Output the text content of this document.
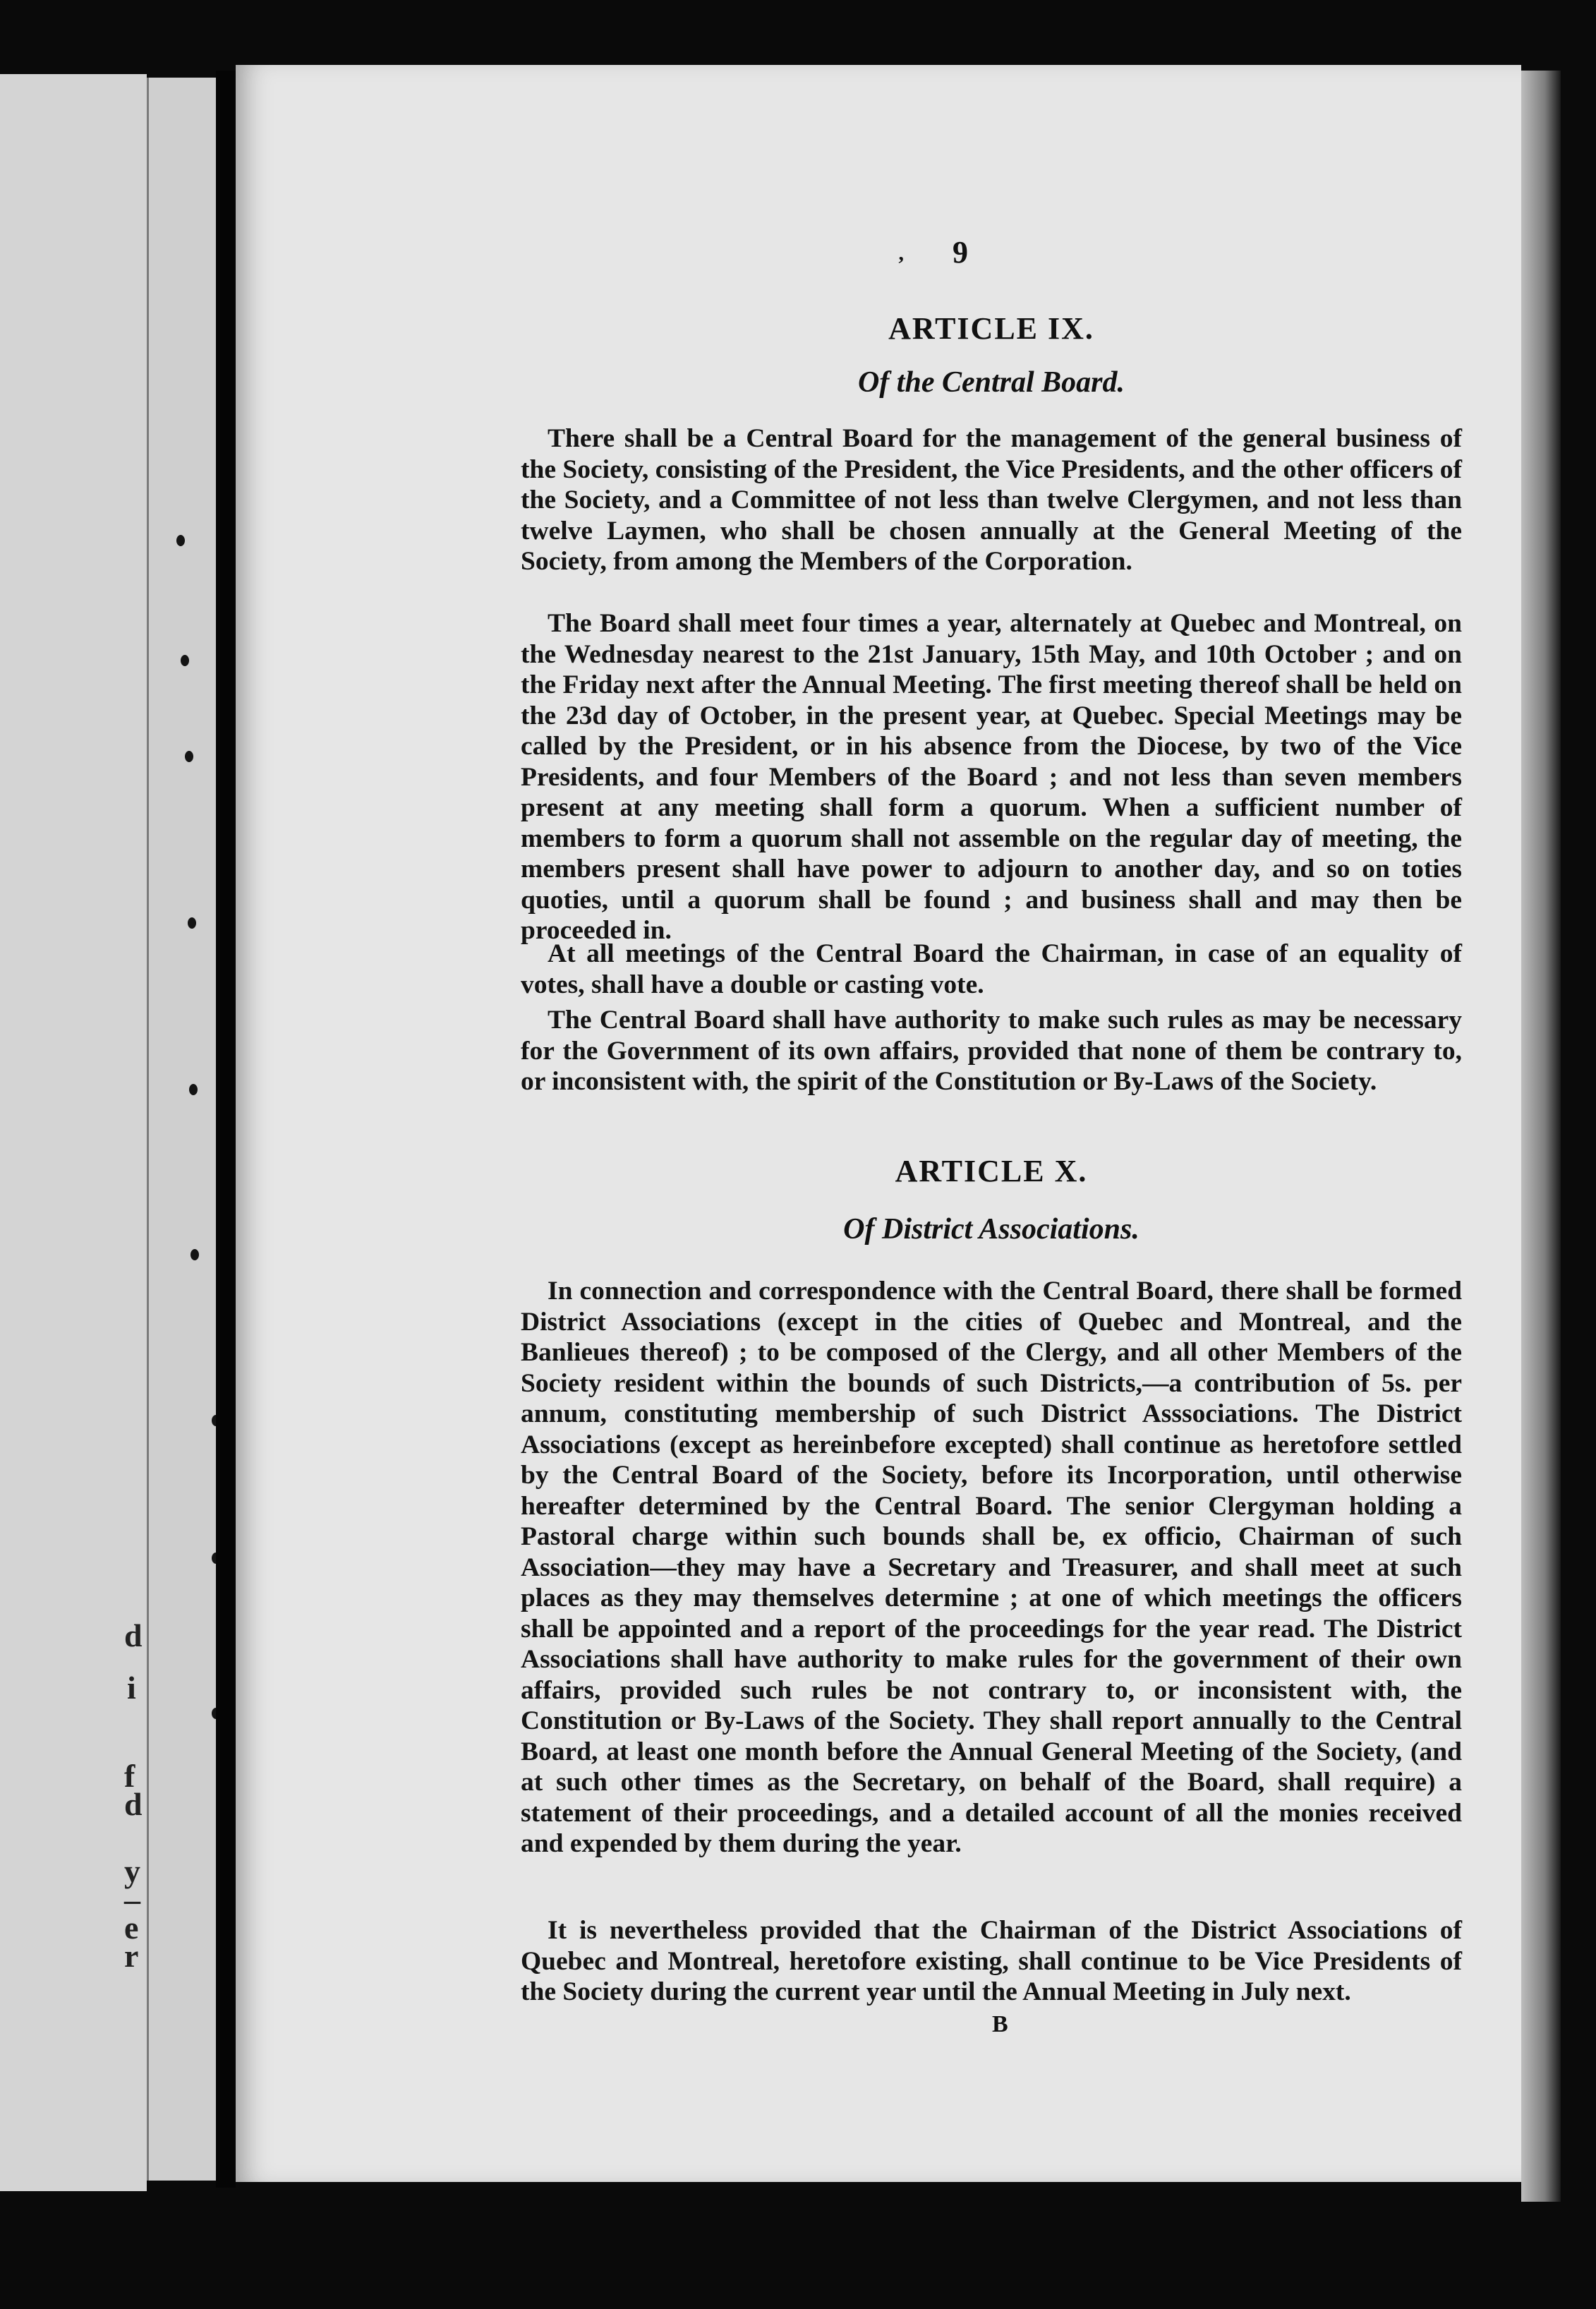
d
i
f
d
y
–
e
r
ʼ 9
ARTICLE IX.
Of the Central Board.

There shall be a Central Board for the management of the general business of the Society, consisting of the President, the Vice Presidents, and the other officers of the Society, and a Committee of not less than twelve Clergymen, and not less than twelve Laymen, who shall be chosen annually at the General Meeting of the Society, from among the Members of the Corporation.

The Board shall meet four times a year, alternately at Quebec and Montreal, on the Wednesday nearest to the 21st January, 15th May, and 10th October ; and on the Friday next after the Annual Meeting. The first meeting thereof shall be held on the 23d day of October, in the present year, at Quebec. Special Meetings may be called by the President, or in his absence from the Diocese, by two of the Vice Presidents, and four Members of the Board ; and not less than seven members present at any meeting shall form a quorum. When a sufficient number of members to form a quorum shall not assemble on the regular day of meeting, the members present shall have power to adjourn to another day, and so on toties quoties, until a quorum shall be found ; and business shall and may then be proceeded in.

At all meetings of the Central Board the Chairman, in case of an equality of votes, shall have a double or casting vote.

The Central Board shall have authority to make such rules as may be necessary for the Government of its own affairs, provided that none of them be contrary to, or inconsistent with, the spirit of the Constitution or By-Laws of the Society.

ARTICLE X.
Of District Associations.

In connection and correspondence with the Central Board, there shall be formed District Associations (except in the cities of Quebec and Montreal, and the Banlieues thereof) ; to be composed of the Clergy, and all other Members of the Society resident within the bounds of such Districts,—a contribution of 5s. per annum, constituting membership of such District Asssociations. The District Associations (except as hereinbefore excepted) shall continue as heretofore settled by the Central Board of the Society, before its Incorporation, until otherwise hereafter determined by the Central Board. The senior Clergyman holding a Pastoral charge within such bounds shall be, ex officio, Chairman of such Association—they may have a Secretary and Treasurer, and shall meet at such places as they may themselves determine ; at one of which meetings the officers shall be appointed and a report of the proceedings for the year read. The District Associations shall have authority to make rules for the government of their own affairs, provided such rules be not contrary to, or inconsistent with, the Constitution or By-Laws of the Society. They shall report annually to the Central Board, at least one month before the Annual General Meeting of the Society, (and at such other times as the Secretary, on behalf of the Board, shall require) a statement of their proceedings, and a detailed account of all the monies received and expended by them during the year.

It is nevertheless provided that the Chairman of the District Associations of Quebec and Montreal, heretofore existing, shall continue to be Vice Presidents of the Society during the current year until the Annual Meeting in July next.

B
